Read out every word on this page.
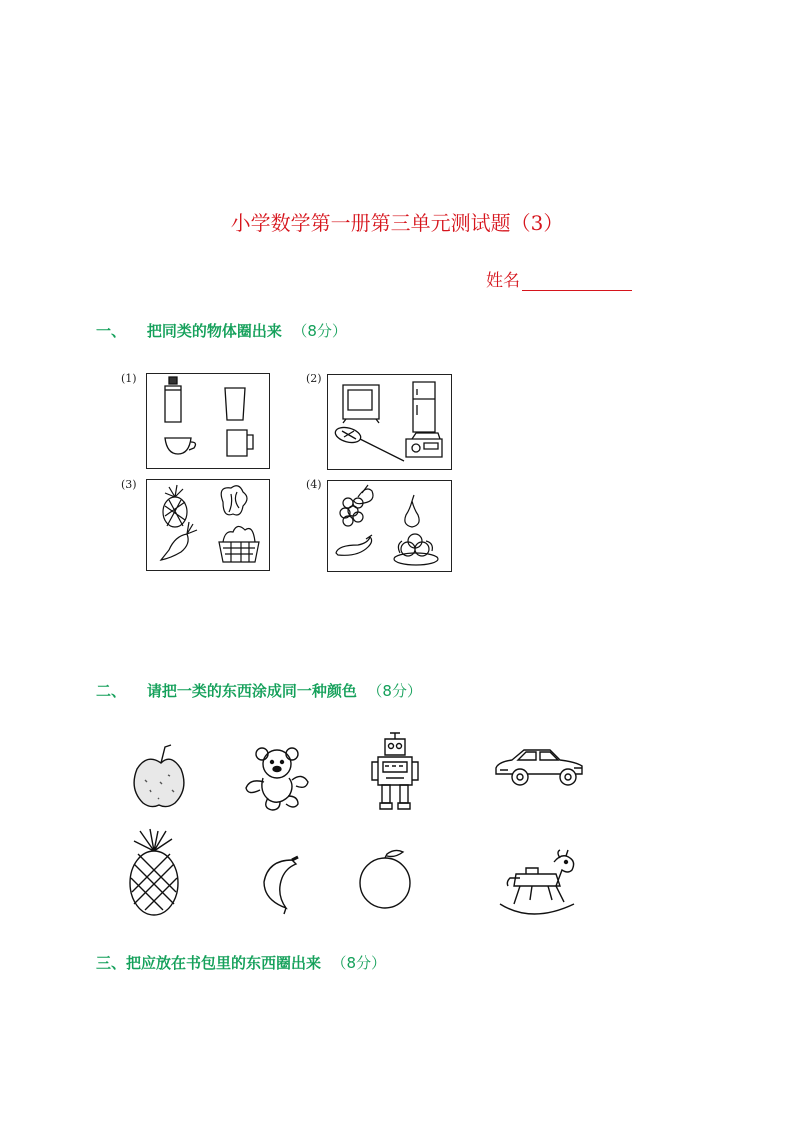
小学数学第一册第三单元测试题（3）
姓名
一、 把同类的物体圈出来 （8分）
(1)	(2)
(3)	(4)
二、 请把一类的东西涂成同一种颜色 （8分）
三、把应放在书包里的东西圈出来 （8分）
